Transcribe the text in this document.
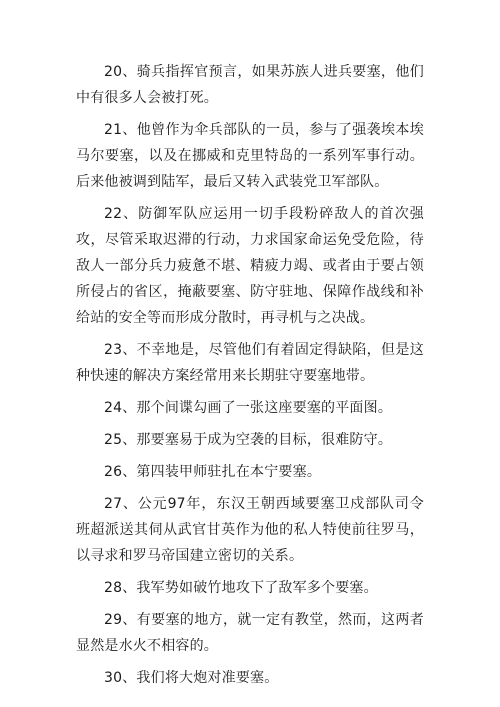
20、骑兵指挥官预言，如果苏族人进兵要塞，他们中有很多人会被打死。

21、他曾作为伞兵部队的一员，参与了强袭埃本埃马尔要塞，以及在挪威和克里特岛的一系列军事行动。后来他被调到陆军，最后又转入武装党卫军部队。

22、防御军队应运用一切手段粉碎敌人的首次强攻，尽管采取迟滞的行动，力求国家命运免受危险，待敌人一部分兵力疲惫不堪、精疲力竭、或者由于要占领所侵占的省区，掩蔽要塞、防守驻地、保障作战线和补给站的安全等而形成分散时，再寻机与之决战。

23、不幸地是，尽管他们有着固定得缺陷，但是这种快速的解决方案经常用来长期驻守要塞地带。

24、那个间谍勾画了一张这座要塞的平面图。

25、那要塞易于成为空袭的目标，很难防守。

26、第四装甲师驻扎在本宁要塞。

27、公元97年，东汉王朝西域要塞卫戍部队司令班超派送其伺从武官甘英作为他的私人特使前往罗马，以寻求和罗马帝国建立密切的关系。

28、我军势如破竹地攻下了敌军多个要塞。

29、有要塞的地方，就一定有教堂，然而，这两者显然是水火不相容的。

30、我们将大炮对准要塞。
